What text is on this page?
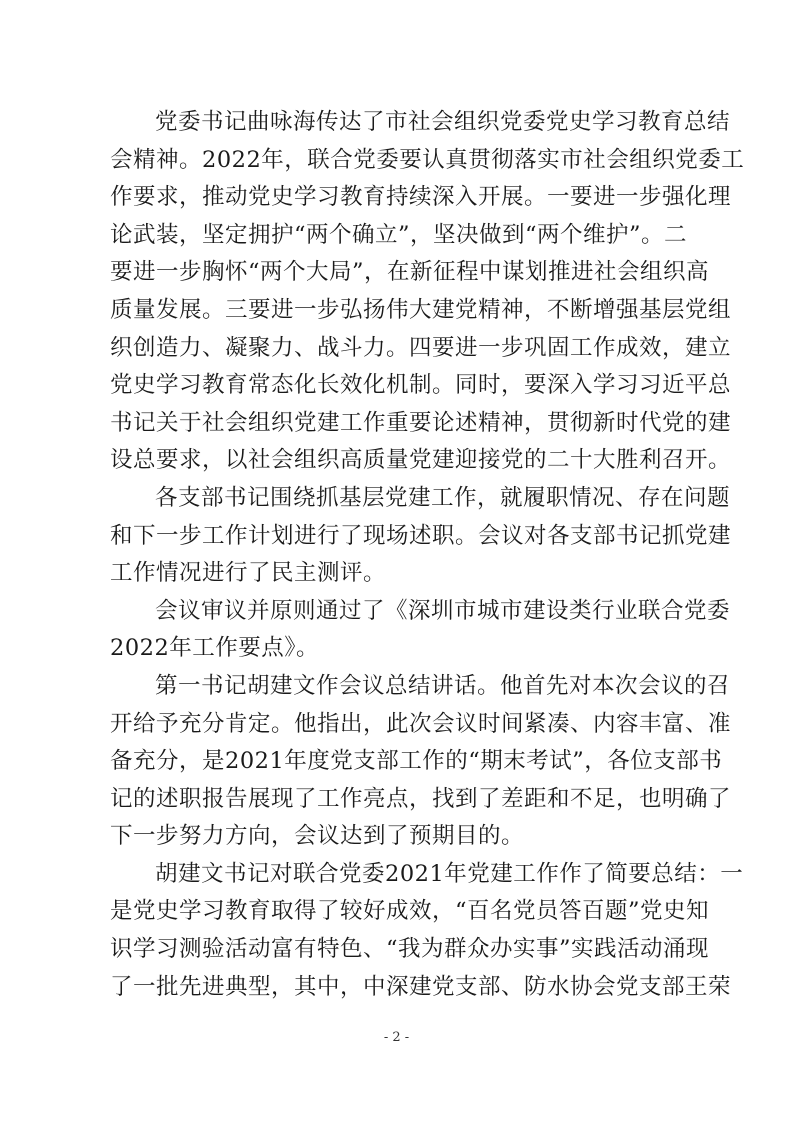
党委书记曲咏海传达了市社会组织党委党史学习教育总结
会精神。2022年，联合党委要认真贯彻落实市社会组织党委工
作要求，推动党史学习教育持续深入开展。一要进一步强化理
论武装，坚定拥护“两个确立”，坚决做到“两个维护”。二
要进一步胸怀“两个大局”，在新征程中谋划推进社会组织高
质量发展。三要进一步弘扬伟大建党精神，不断增强基层党组
织创造力、凝聚力、战斗力。四要进一步巩固工作成效，建立
党史学习教育常态化长效化机制。同时，要深入学习习近平总
书记关于社会组织党建工作重要论述精神，贯彻新时代党的建
设总要求，以社会组织高质量党建迎接党的二十大胜利召开。
各支部书记围绕抓基层党建工作，就履职情况、存在问题
和下一步工作计划进行了现场述职。会议对各支部书记抓党建
工作情况进行了民主测评。
会议审议并原则通过了《深圳市城市建设类行业联合党委
2022年工作要点》。
第一书记胡建文作会议总结讲话。他首先对本次会议的召
开给予充分肯定。他指出，此次会议时间紧凑、内容丰富、准
备充分，是2021年度党支部工作的“期末考试”，各位支部书
记的述职报告展现了工作亮点，找到了差距和不足，也明确了
下一步努力方向，会议达到了预期目的。
胡建文书记对联合党委2021年党建工作作了简要总结：一
是党史学习教育取得了较好成效，“百名党员答百题”党史知
识学习测验活动富有特色、“我为群众办实事”实践活动涌现
了一批先进典型，其中，中深建党支部、防水协会党支部王荣
- 2 -
